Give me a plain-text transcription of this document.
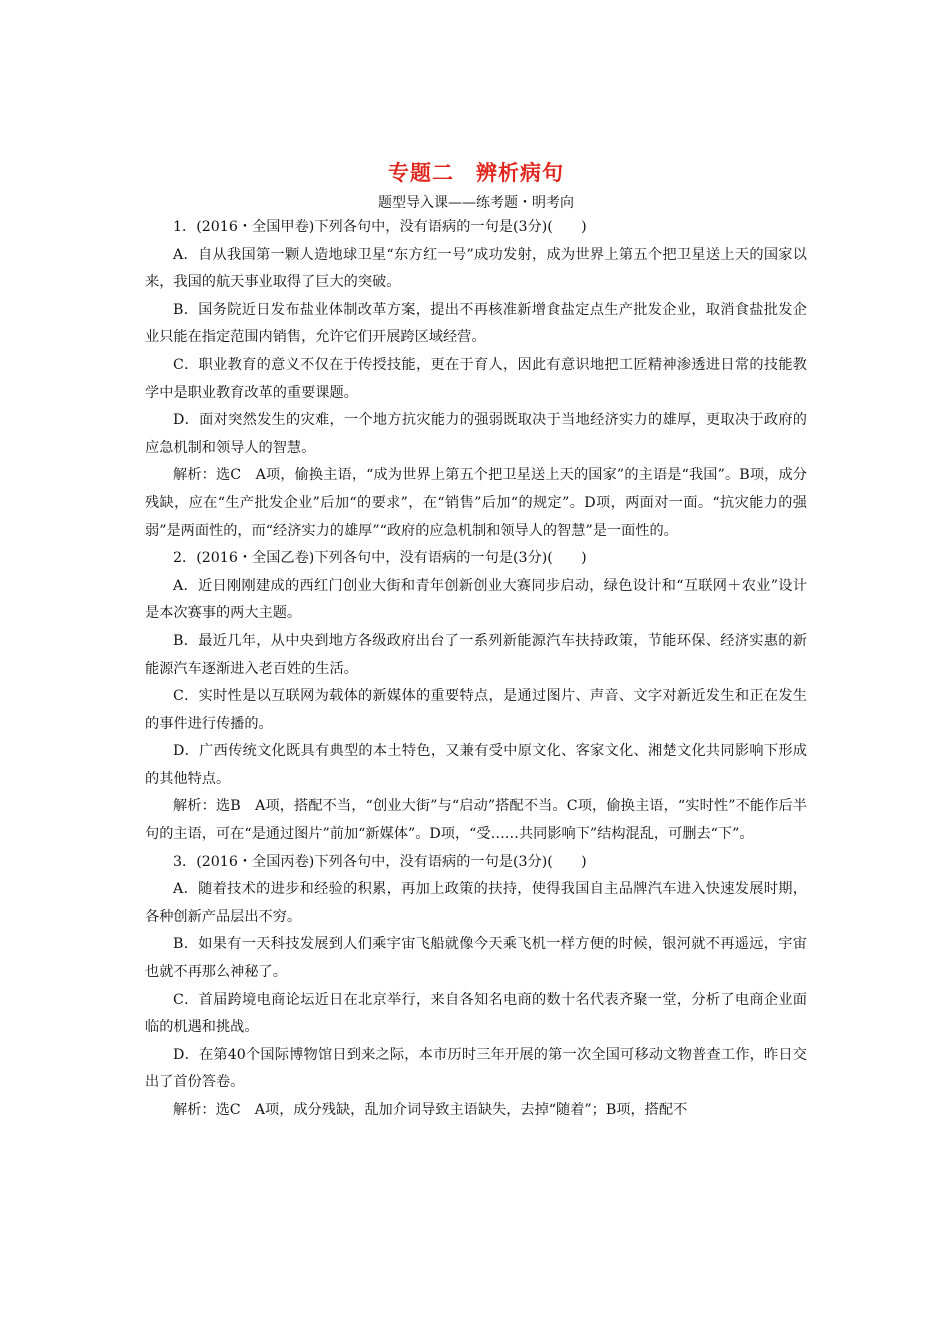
专题二　辨析病句
题型导入课——练考题・明考向

1．(2016・全国甲卷)下列各句中，没有语病的一句是(3分)(　　)

A．自从我国第一颗人造地球卫星“东方红一号”成功发射，成为世界上第五个把卫星送上天的国家以来，我国的航天事业取得了巨大的突破。

B．国务院近日发布盐业体制改革方案，提出不再核准新增食盐定点生产批发企业，取消食盐批发企业只能在指定范围内销售，允许它们开展跨区域经营。

C．职业教育的意义不仅在于传授技能，更在于育人，因此有意识地把工匠精神渗透进日常的技能教学中是职业教育改革的重要课题。

D．面对突然发生的灾难，一个地方抗灾能力的强弱既取决于当地经济实力的雄厚，更取决于政府的应急机制和领导人的智慧。

解析：选C　A项，偷换主语，“成为世界上第五个把卫星送上天的国家”的主语是“我国”。B项，成分残缺，应在“生产批发企业”后加“的要求”，在“销售”后加“的规定”。D项，两面对一面。“抗灾能力的强弱”是两面性的，而“经济实力的雄厚”“政府的应急机制和领导人的智慧”是一面性的。

2．(2016・全国乙卷)下列各句中，没有语病的一句是(3分)(　　)

A．近日刚刚建成的西红门创业大街和青年创新创业大赛同步启动，绿色设计和“互联网＋农业”设计是本次赛事的两大主题。

B．最近几年，从中央到地方各级政府出台了一系列新能源汽车扶持政策，节能环保、经济实惠的新能源汽车逐渐进入老百姓的生活。

C．实时性是以互联网为载体的新媒体的重要特点，是通过图片、声音、文字对新近发生和正在发生的事件进行传播的。

D．广西传统文化既具有典型的本土特色，又兼有受中原文化、客家文化、湘楚文化共同影响下形成的其他特点。

解析：选B　A项，搭配不当，“创业大街”与“启动”搭配不当。C项，偷换主语，“实时性”不能作后半句的主语，可在“是通过图片”前加“新媒体”。D项，“受……共同影响下”结构混乱，可删去“下”。

3．(2016・全国丙卷)下列各句中，没有语病的一句是(3分)(　　)

A．随着技术的进步和经验的积累，再加上政策的扶持，使得我国自主品牌汽车进入快速发展时期，各种创新产品层出不穷。

B．如果有一天科技发展到人们乘宇宙飞船就像今天乘飞机一样方便的时候，银河就不再遥远，宇宙也就不再那么神秘了。

C．首届跨境电商论坛近日在北京举行，来自各知名电商的数十名代表齐聚一堂，分析了电商企业面临的机遇和挑战。

D．在第40个国际博物馆日到来之际，本市历时三年开展的第一次全国可移动文物普查工作，昨日交出了首份答卷。

解析：选C　A项，成分残缺，乱加介词导致主语缺失，去掉“随着”；B项，搭配不
